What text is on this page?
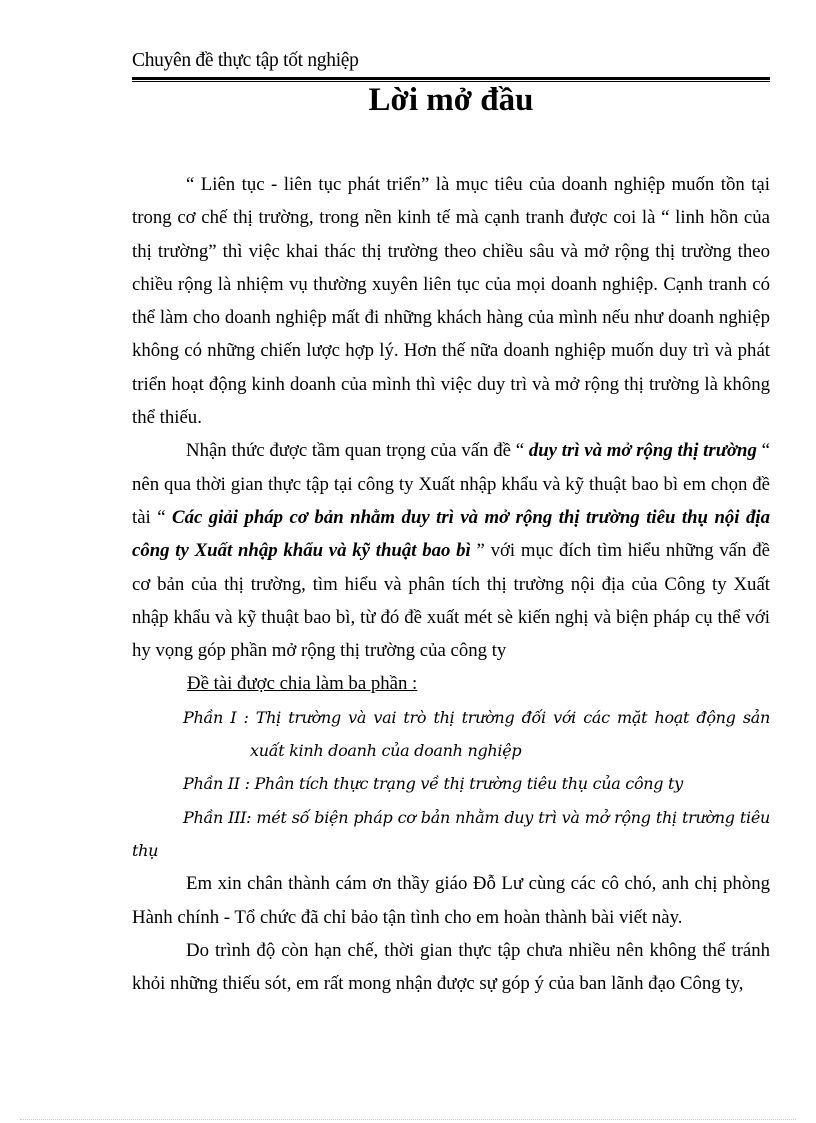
Chuyên đề thực tập tốt nghiệp
Lời mở đầu

“ Liên tục - liên tục phát triển” là mục tiêu của doanh nghiệp muốn tồn tại trong cơ chế thị trường, trong nền kinh tế mà cạnh tranh được coi là “ linh hồn của thị trường” thì việc khai thác thị trường theo chiều sâu và mở rộng thị trường theo chiều rộng là nhiệm vụ thường xuyên liên tục của mọi doanh nghiệp. Cạnh tranh có thể làm cho doanh nghiệp mất đi những khách hàng của mình nếu như doanh nghiệp không có những chiến lược hợp lý. Hơn thế nữa doanh nghiệp muốn duy trì và phát triển hoạt động kinh doanh của mình thì việc duy trì và mở rộng thị trường là không thể thiếu.

Nhận thức được tầm quan trọng của vấn đề “ duy trì và mở rộng thị trường “ nên qua thời gian thực tập tại công ty Xuất nhập khẩu và kỹ thuật bao bì em chọn đề tài “ Các giải pháp cơ bản nhằm duy trì và mở rộng thị trường tiêu thụ nội địa công ty Xuất nhập khẩu và kỹ thuật bao bì ” với mục đích tìm hiểu những vấn đề cơ bản của thị trường, tìm hiểu và phân tích thị trường nội địa của Công ty Xuất nhập khẩu và kỹ thuật bao bì, từ đó đề xuất mét sè kiến nghị và biện pháp cụ thể với hy vọng góp phần mở rộng thị trường của công ty

Đề tài được chia làm ba phần :
Phần I : Thị trường và vai trò thị trường đối với các mặt hoạt động sản xuất kinh doanh của doanh nghiệp
Phần II : Phân tích thực trạng về thị trường tiêu thụ của công ty
Phần III: mét số biện pháp cơ bản nhằm duy trì và mở rộng thị trường tiêu thụ

Em xin chân thành cám ơn thầy giáo Đỗ Lư cùng các cô chó, anh chị phòng Hành chính - Tổ chức đã chỉ bảo tận tình cho em hoàn thành bài viết này.

Do trình độ còn hạn chế, thời gian thực tập chưa nhiều nên không thể tránh khỏi những thiếu sót, em rất mong nhận được sự góp ý của ban lãnh đạo Công ty,
